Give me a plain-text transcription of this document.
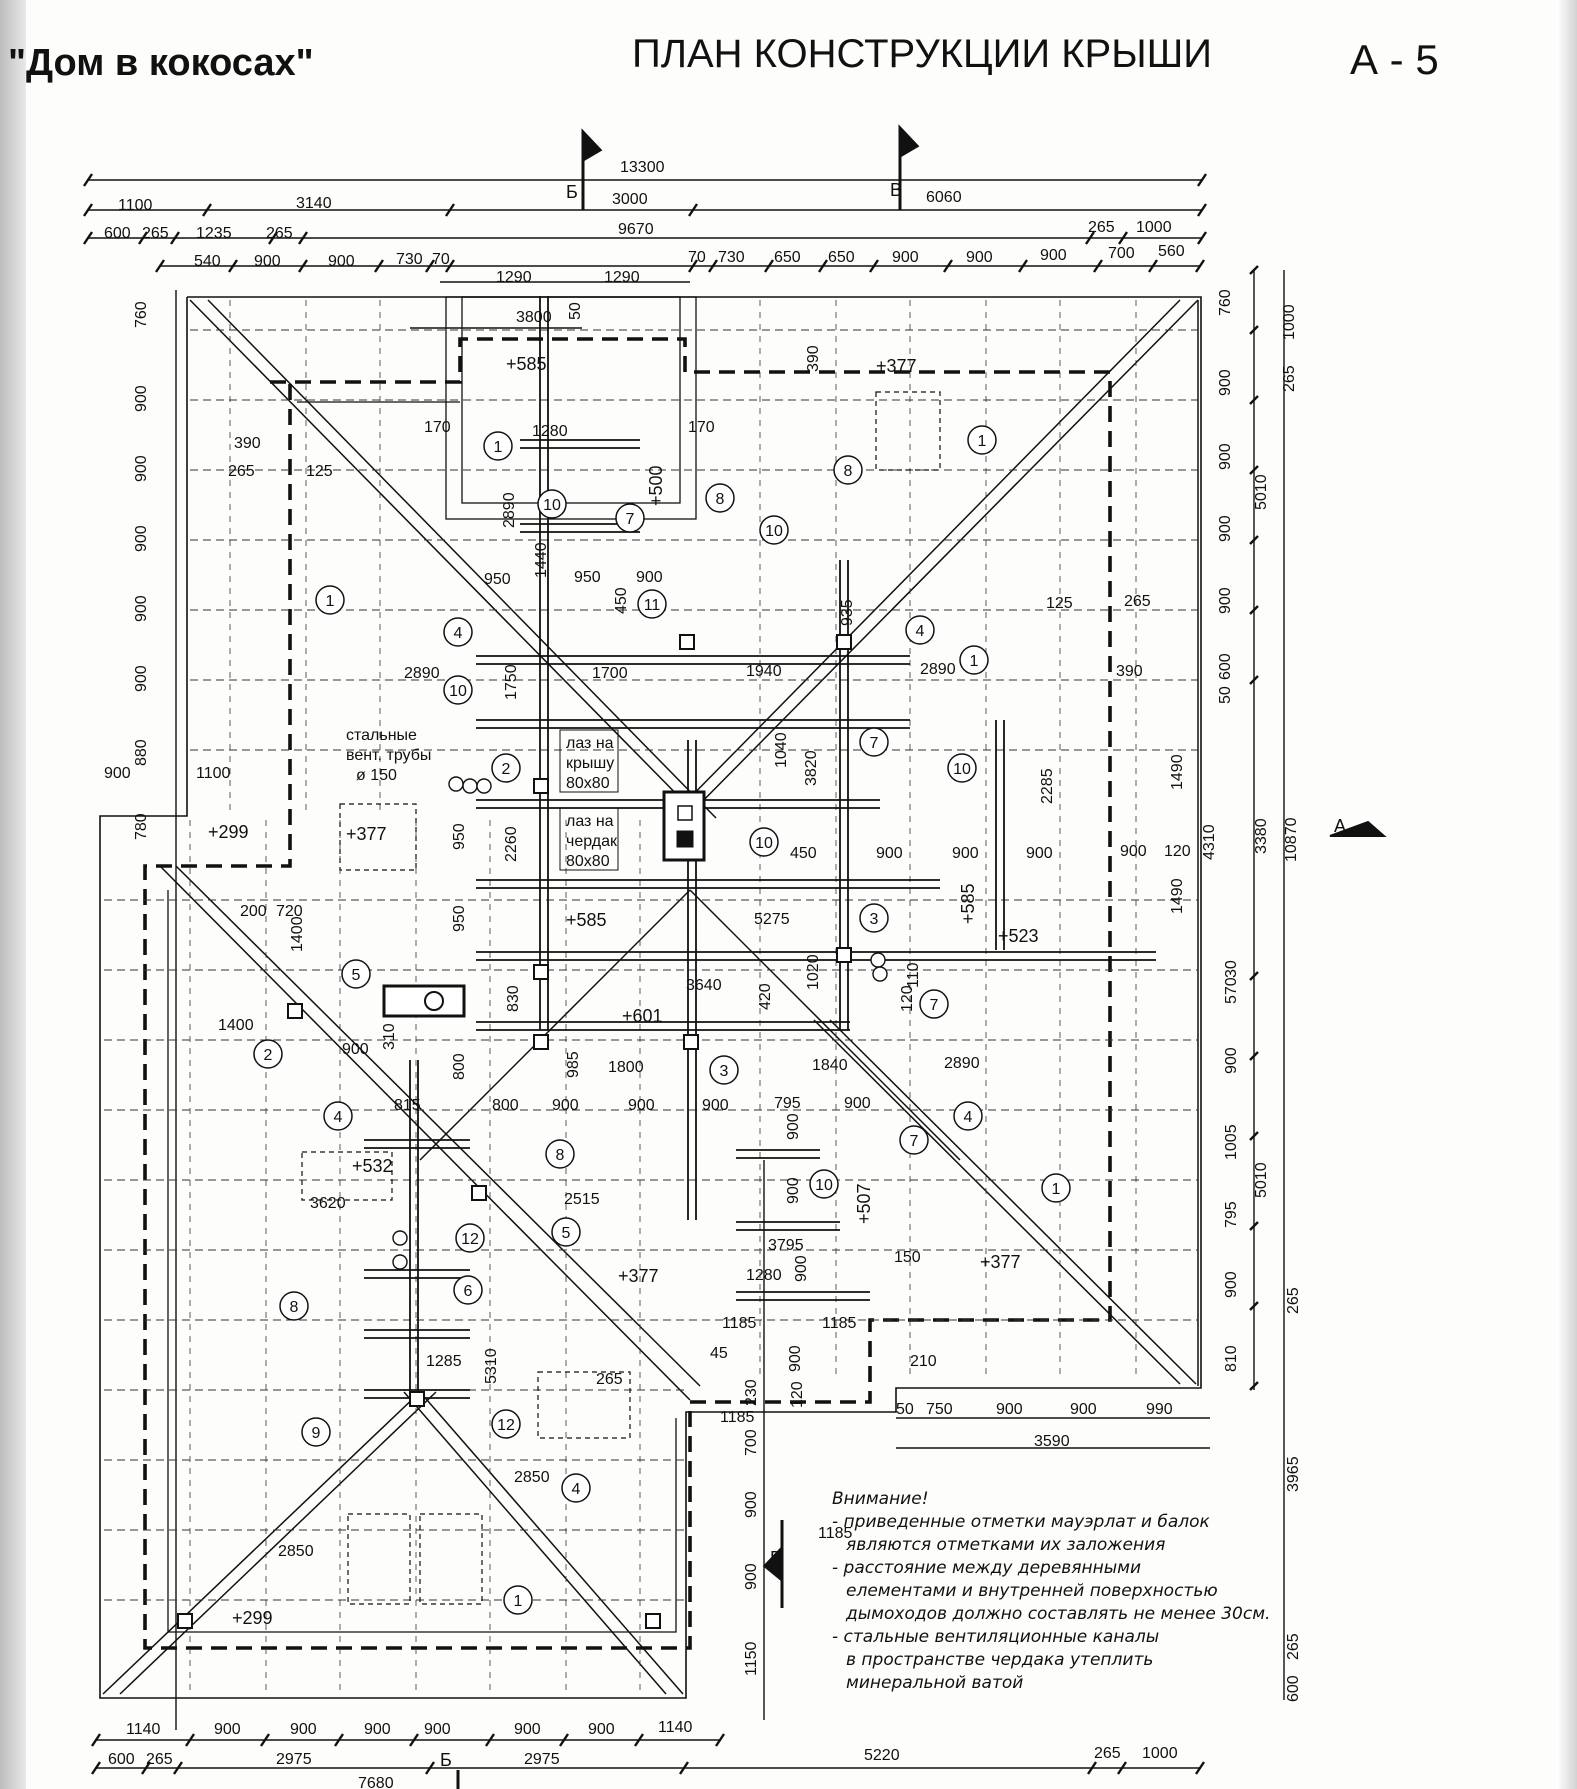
"Дом в кокосах"	ПЛАН КОНСТРУКЦИИ КРЫШИ	А - 5
13300
1100	3140	3000	6060
600 265 1235 265	9670	265 1000
540 900	900	730 70	70 730 650 650 900	900	900	700 560
1290	1290
3800 50
390
170	1280	170
2890
1440
950	950 900
450	935
1700	1940
2890	2890
1750
390
265	125
125	265
390
1040
3820
2285
2260
950
450	900	900	900	900 120
1490
1490
4310
5275
950
1020	110
120
3640
830	420
1840	2890
1400
1400
200 720
900 310
800	985 1800
815	800 900	900	900	795
900
900
2515
3620	900
3795
1280 900	150
1185	1185
45
1285 5310	265
900	210
230 120
1185
2850
2850
1185
760
900
900
900
900
900
880
900	1100
780
760
900
900
900
900
50
600
1000
265
5010
3380 10870
570
30
900
1005
795
900
810
5010
265
3965
265
600
700
900
900
1150
1140	900	900	900 900	900	900	1140
600 265	2975	2975	5220	265 1000
7680
50 750	900	900	990
3590
Б	В
В
Б
А
+585	+377
+500
+299	+377
+585	+585
+523
+601
+532
+507
+377
+377
+299
1	1
1
1
1
1
2
2
3
3
4	4
4	4
4
5
5
6
7
7
7
7
8
8
8
8
9
10
10
10
10
10
10
11
12
12
стальные
вент. трубы
ø 150
лаз на
крышу
80х80
лаз на
чердак
80х80
Внимание!
- приведенные отметки мауэрлат и балок
являются отметками их заложения
- расстояние между деревянными
елементами и внутренней поверхностью
дымоходов должно составлять не менее 30см.
- стальные вентиляционные каналы
в пространстве чердака утеплить
минеральной ватой
